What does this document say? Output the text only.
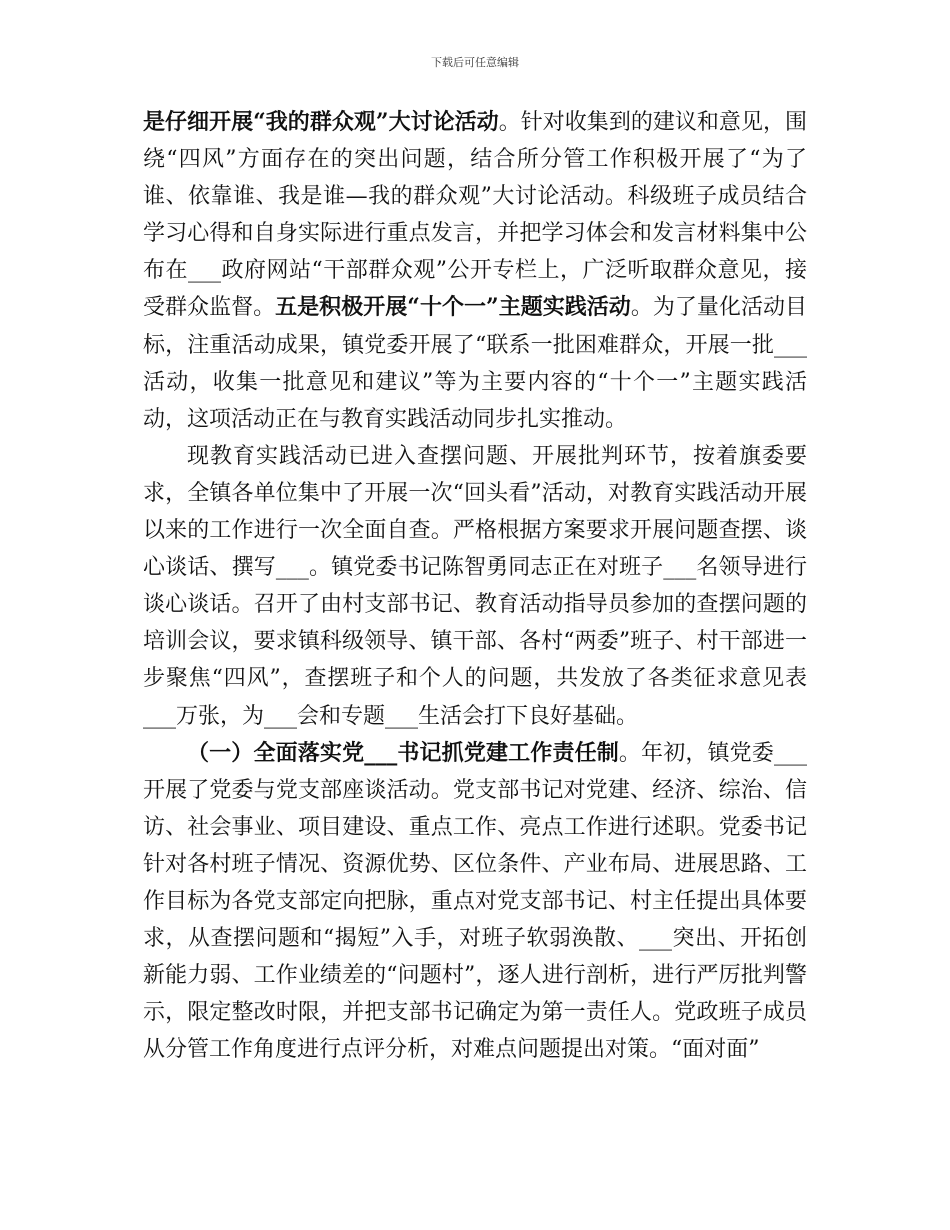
下载后可任意编辑

是仔细开展“我的群众观”大讨论活动。针对收集到的建议和意见，围绕“四风”方面存在的突出问题，结合所分管工作积极开展了“为了谁、依靠谁、我是谁—我的群众观”大讨论活动。科级班子成员结合学习心得和自身实际进行重点发言，并把学习体会和发言材料集中公布在___政府网站“干部群众观”公开专栏上，广泛听取群众意见，接受群众监督。五是积极开展“十个一”主题实践活动。为了量化活动目标，注重活动成果，镇党委开展了“联系一批困难群众，开展一批___活动，收集一批意见和建议”等为主要内容的“十个一”主题实践活动，这项活动正在与教育实践活动同步扎实推动。

现教育实践活动已进入查摆问题、开展批判环节，按着旗委要求，全镇各单位集中了开展一次“回头看”活动，对教育实践活动开展以来的工作进行一次全面自查。严格根据方案要求开展问题查摆、谈心谈话、撰写___。镇党委书记陈智勇同志正在对班子___名领导进行谈心谈话。召开了由村支部书记、教育活动指导员参加的查摆问题的培训会议，要求镇科级领导、镇干部、各村“两委”班子、村干部进一步聚焦“四风”，查摆班子和个人的问题，共发放了各类征求意见表___万张，为___会和专题___生活会打下良好基础。

（一）全面落实党___书记抓党建工作责任制。年初，镇党委___开展了党委与党支部座谈活动。党支部书记对党建、经济、综治、信访、社会事业、项目建设、重点工作、亮点工作进行述职。党委书记针对各村班子情况、资源优势、区位条件、产业布局、进展思路、工作目标为各党支部定向把脉，重点对党支部书记、村主任提出具体要求，从查摆问题和“揭短”入手，对班子软弱涣散、___突出、开拓创新能力弱、工作业绩差的“问题村”，逐人进行剖析，进行严厉批判警示，限定整改时限，并把支部书记确定为第一责任人。党政班子成员从分管工作角度进行点评分析，对难点问题提出对策。“面对面”
